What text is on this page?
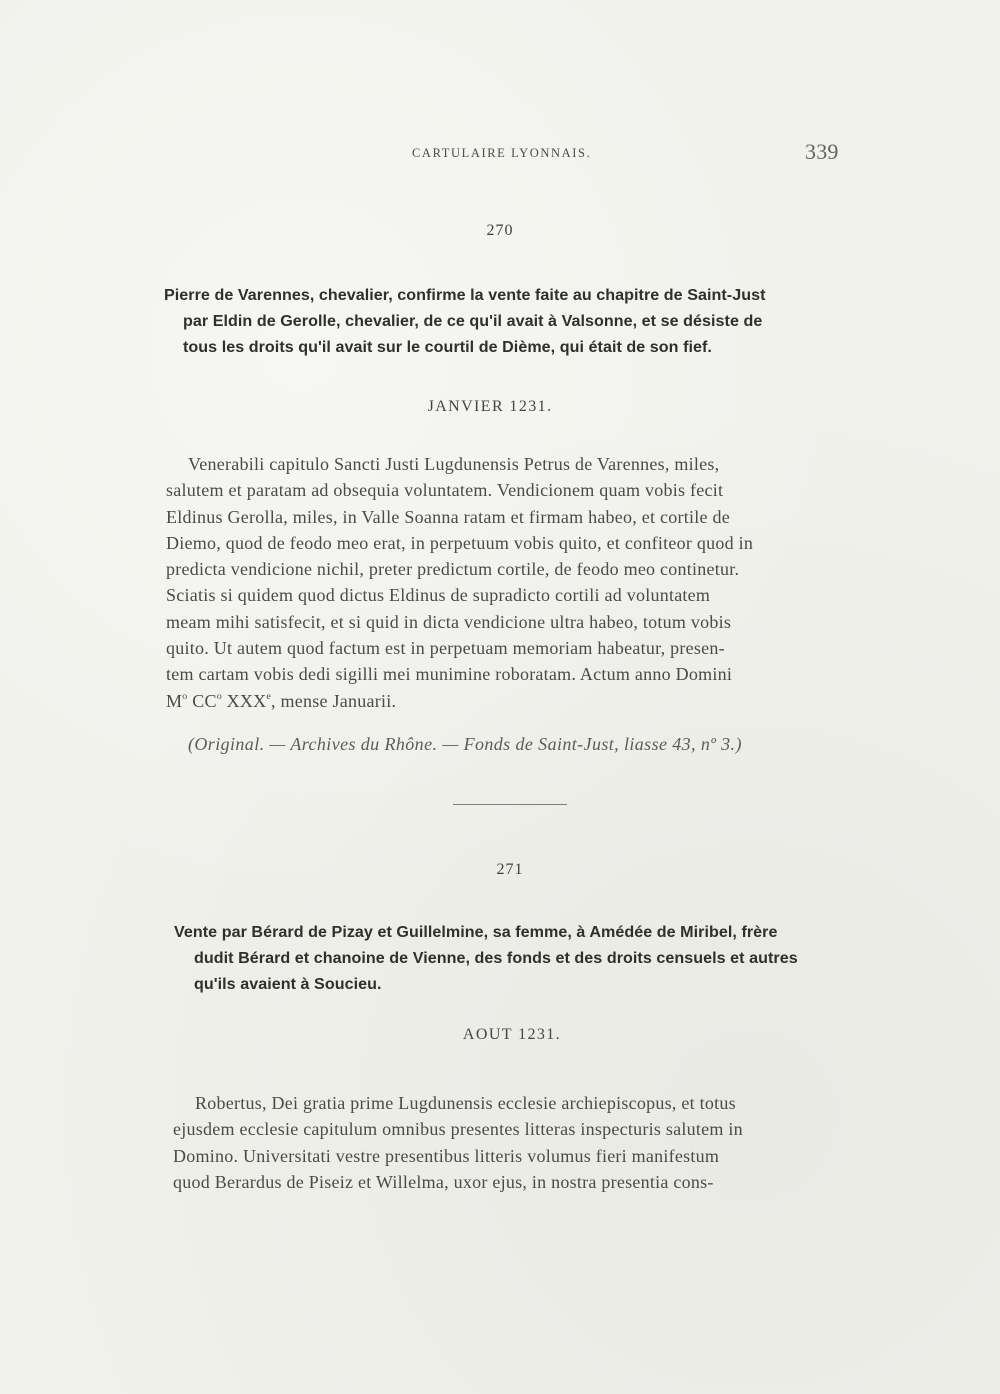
CARTULAIRE LYONNAIS.	339
270
Pierre de Varennes, chevalier, confirme la vente faite au chapitre de Saint-Just
par Eldin de Gerolle, chevalier, de ce qu'il avait à Valsonne, et se désiste de
tous les droits qu'il avait sur le courtil de Dième, qui était de son fief.
JANVIER 1231.
Venerabili capitulo Sancti Justi Lugdunensis Petrus de Varennes, miles,
salutem et paratam ad obsequia voluntatem. Vendicionem quam vobis fecit
Eldinus Gerolla, miles, in Valle Soanna ratam et firmam habeo, et cortile de
Diemo, quod de feodo meo erat, in perpetuum vobis quito, et confiteor quod in
predicta vendicione nichil, preter predictum cortile, de feodo meo continetur.
Sciatis si quidem quod dictus Eldinus de supradicto cortili ad voluntatem
meam mihi satisfecit, et si quid in dicta vendicione ultra habeo, totum vobis
quito. Ut autem quod factum est in perpetuam memoriam habeatur, presen-
tem cartam vobis dedi sigilli mei munimine roboratam. Actum anno Domini
$M^o$ $CC^o$ XXXe, mense Januarii.
(Original. — Archives du Rhône. — Fonds de Saint-Just, liasse 43, nº 3.)
271
Vente par Bérard de Pizay et Guillelmine, sa femme, à Amédée de Miribel, frère
dudit Bérard et chanoine de Vienne, des fonds et des droits censuels et autres
qu'ils avaient à Soucieu.
AOUT 1231.
Robertus, Dei gratia prime Lugdunensis ecclesie archiepiscopus, et totus
ejusdem ecclesie capitulum omnibus presentes litteras inspecturis salutem in
Domino. Universitati vestre presentibus litteris volumus fieri manifestum
quod Berardus de Piseiz et Willelma, uxor ejus, in nostra presentia cons-
